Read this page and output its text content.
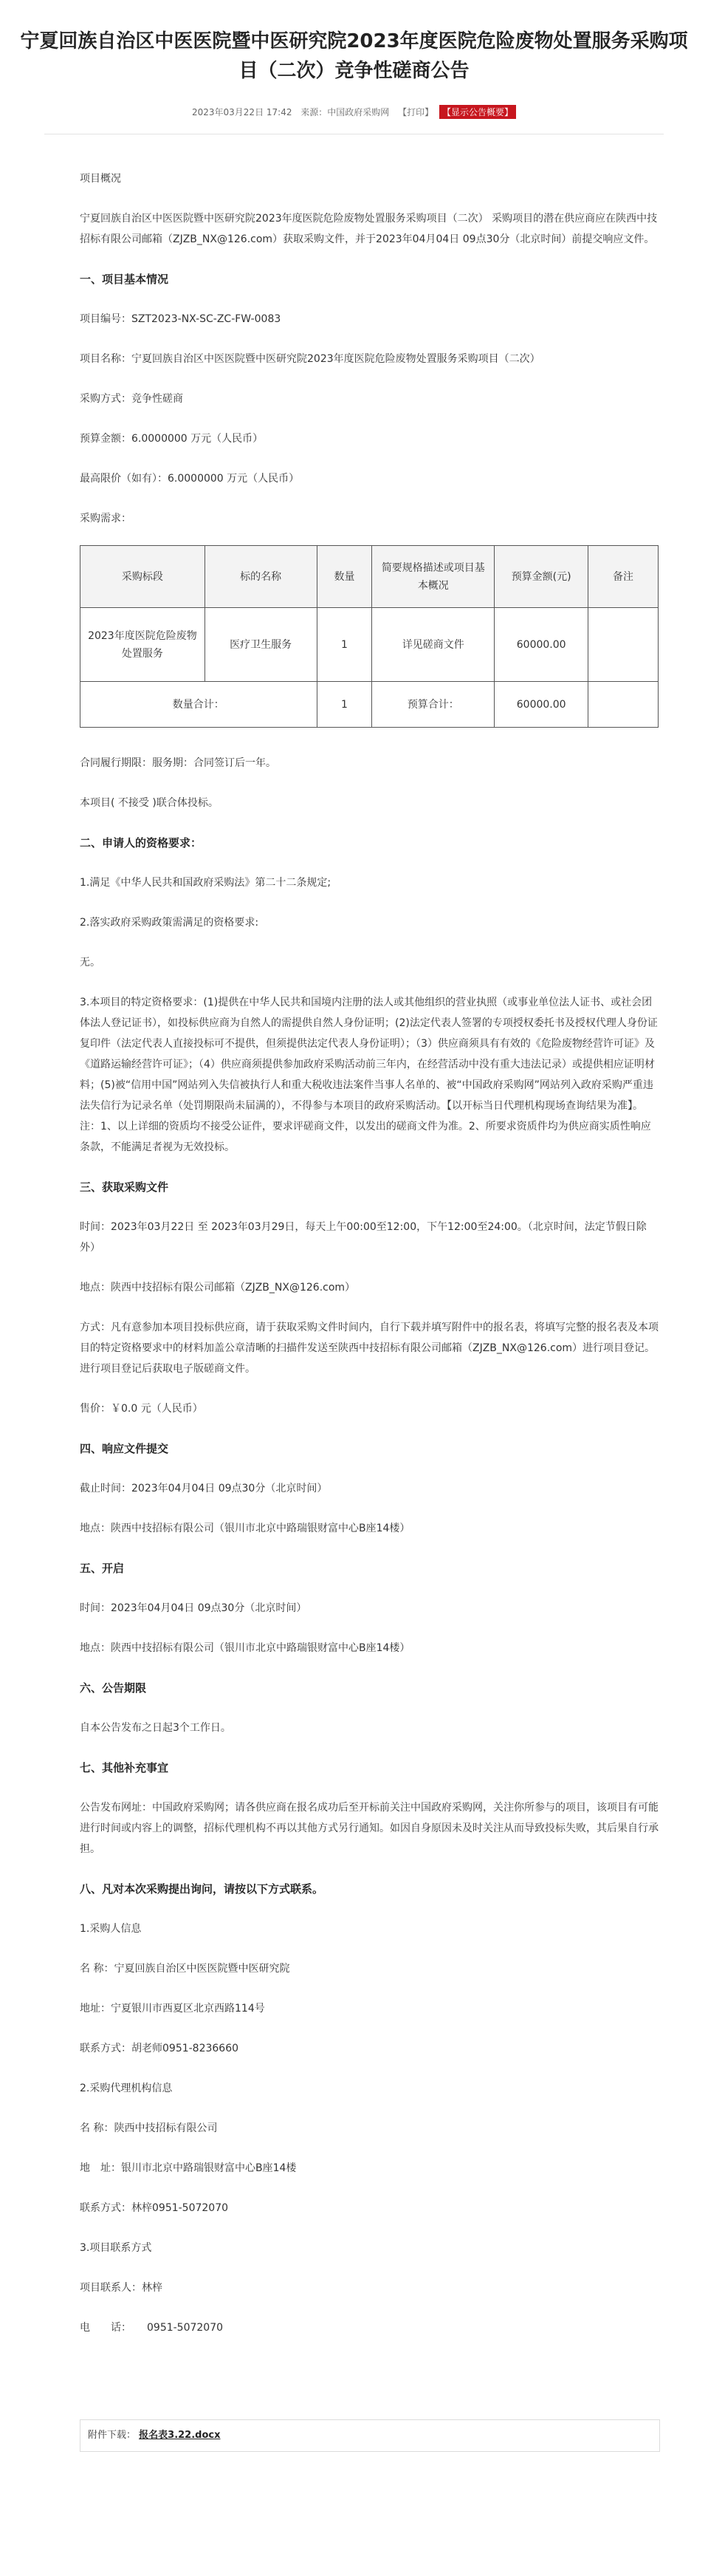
宁夏回族自治区中医医院暨中医研究院2023年度医院危险废物处置服务采购项目（二次）竞争性磋商公告
2023年03月22日 17:42 来源：中国政府采购网 【打印】 【显示公告概要】

项目概况

宁夏回族自治区中医医院暨中医研究院2023年度医院危险废物处置服务采购项目（二次） 采购项目的潜在供应商应在陕西中技招标有限公司邮箱（ZJZB_NX@126.com）获取采购文件，并于2023年04月04日 09点30分（北京时间）前提交响应文件。

一、项目基本情况

项目编号：SZT2023-NX-SC-ZC-FW-0083

项目名称：宁夏回族自治区中医医院暨中医研究院2023年度医院危险废物处置服务采购项目（二次）

采购方式：竞争性磋商

预算金额：6.0000000 万元（人民币）

最高限价（如有）：6.0000000 万元（人民币）

采购需求：

采购标段	标的名称	数量	简要规格描述或项目基本概况	预算金额(元)	备注
2023年度医院危险废物处置服务	医疗卫生服务	1	详见磋商文件	60000.00	
数量合计：		1	预算合计：	60000.00	

合同履行期限：服务期：合同签订后一年。

本项目( 不接受 )联合体投标。

二、申请人的资格要求：

1.满足《中华人民共和国政府采购法》第二十二条规定;

2.落实政府采购政策需满足的资格要求:

无。

3.本项目的特定资格要求：(1)提供在中华人民共和国境内注册的法人或其他组织的营业执照（或事业单位法人证书、或社会团体法人登记证书），如投标供应商为自然人的需提供自然人身份证明；(2)法定代表人签署的专项授权委托书及授权代理人身份证复印件（法定代表人直接投标可不提供，但须提供法定代表人身份证明）；（3）供应商须具有有效的《危险废物经营许可证》及《道路运输经营许可证》；（4）供应商须提供参加政府采购活动前三年内，在经营活动中没有重大违法记录）或提供相应证明材料；(5)被“信用中国”网站列入失信被执行人和重大税收违法案件当事人名单的、被“中国政府采购网”网站列入政府采购严重违法失信行为记录名单（处罚期限尚未届满的），不得参与本项目的政府采购活动。【以开标当日代理机构现场查询结果为准】。注：1、以上详细的资质均不接受公证件，要求评磋商文件，以发出的磋商文件为准。2、所要求资质件均为供应商实质性响应条款，不能满足者视为无效投标。

三、获取采购文件

时间：2023年03月22日 至 2023年03月29日，每天上午00:00至12:00，下午12:00至24:00。（北京时间，法定节假日除外）

地点：陕西中技招标有限公司邮箱（ZJZB_NX@126.com）

方式：凡有意参加本项目投标供应商，请于获取采购文件时间内，自行下载并填写附件中的报名表，将填写完整的报名表及本项目的特定资格要求中的材料加盖公章清晰的扫描件发送至陕西中技招标有限公司邮箱（ZJZB_NX@126.com）进行项目登记。进行项目登记后获取电子版磋商文件。

售价：￥0.0 元（人民币）

四、响应文件提交

截止时间：2023年04月04日 09点30分（北京时间）

地点：陕西中技招标有限公司（银川市北京中路瑞银财富中心B座14楼）

五、开启

时间：2023年04月04日 09点30分（北京时间）

地点：陕西中技招标有限公司（银川市北京中路瑞银财富中心B座14楼）

六、公告期限

自本公告发布之日起3个工作日。

七、其他补充事宜

公告发布网址：中国政府采购网；请各供应商在报名成功后至开标前关注中国政府采购网，关注你所参与的项目，该项目有可能进行时间或内容上的调整，招标代理机构不再以其他方式另行通知。如因自身原因未及时关注从而导致投标失败，其后果自行承担。

八、凡对本次采购提出询问，请按以下方式联系。

1.采购人信息

名 称：宁夏回族自治区中医医院暨中医研究院

地址：宁夏银川市西夏区北京西路114号

联系方式：胡老师0951-8236660

2.采购代理机构信息

名 称：陕西中技招标有限公司

地　址：银川市北京中路瑞银财富中心B座14楼

联系方式：林梓0951-5072070

3.项目联系方式

项目联系人：林梓

电　　话：　　0951-5072070

附件下载： 报名表3.22.docx
